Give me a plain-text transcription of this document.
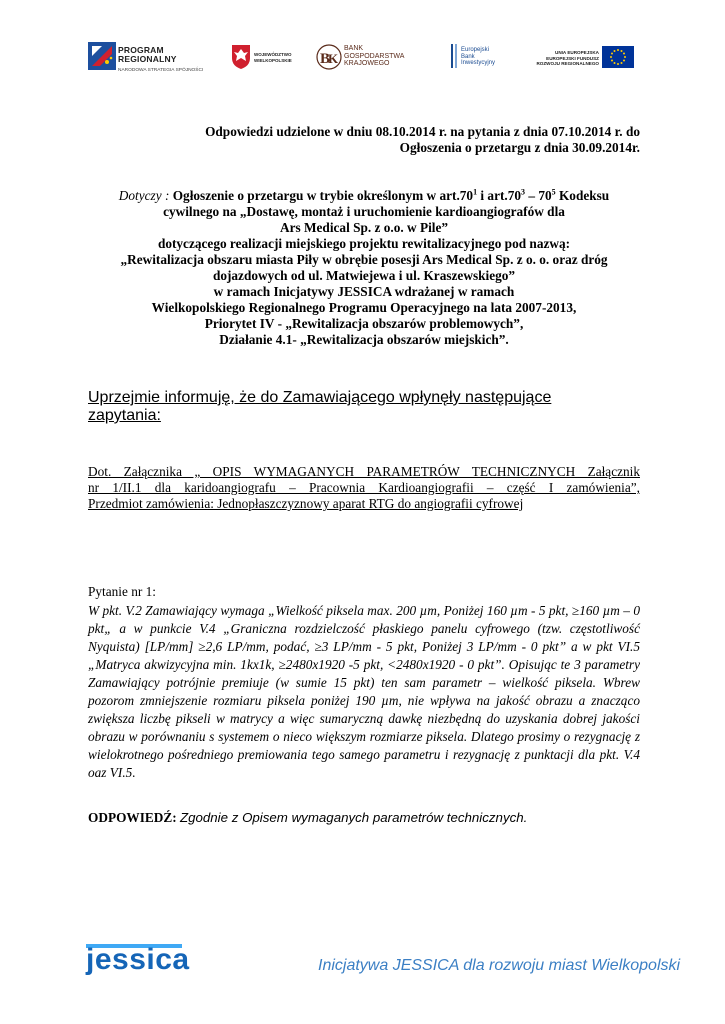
PROGRAM
REGIONALNY
NARODOWA STRATEGIA SPÓJNOŚCI
WOJEWÓDZTWO
WIELKOPOLSKIE B
K
BANK
GOSPODARSTWA
KRAJOWEGO
Europejski
Bank
Inwestycyjny
UNIA EUROPEJSKA
EUROPEJSKI FUNDUSZ
ROZWOJU REGIONALNEGO
Odpowiedzi udzielone w dniu 08.10.2014 r. na pytania z dnia 07.10.2014 r. do
Ogłoszenia o przetargu z dnia 30.09.2014r.
Dotyczy : Ogłoszenie o przetargu w trybie określonym w $art.70^1$ i $art.70^3 - 70^5$ Kodeksu
cywilnego na „Dostawę, montaż i uruchomienie kardioangiografów dla
Ars Medical Sp. z o.o. w Pile”
dotyczącego realizacji miejskiego projektu rewitalizacyjnego pod nazwą:
„Rewitalizacja obszaru miasta Piły w obrębie posesji Ars Medical Sp. z o. o. oraz dróg
dojazdowych od ul. Matwiejewa i ul. Kraszewskiego”
w ramach Inicjatywy JESSICA wdrażanej w ramach
Wielkopolskiego Regionalnego Programu Operacyjnego na lata 2007-2013,
Priorytet IV - „Rewitalizacja obszarów problemowych”,
Działanie 4.1- „Rewitalizacja obszarów miejskich”.
Uprzejmie informuję, że do Zamawiającego wpłynęły następujące
zapytania:
Dot. Załącznika „ OPIS WYMAGANYCH PARAMETRÓW TECHNICZNYCH Załącznik
nr 1/II.1 dla karidoangiografu – Pracownia Kardioangiografii – część I zamówienia”,
Przedmiot zamówienia: Jednopłaszczyznowy aparat RTG do angiografii cyfrowej
Pytanie nr 1:
W pkt. V.2 Zamawiający wymaga „Wielkość piksela max. 200 µm, Poniżej 160 µm - 5 pkt, ≥160 µm – 0 pkt„ a w punkcie V.4 „Graniczna rozdzielczość płaskiego panelu cyfrowego (tzw. częstotliwość Nyquista) [LP/mm] ≥2,6 LP/mm, podać, ≥3 LP/mm - 5 pkt, Poniżej 3 LP/mm - 0 pkt” a w pkt VI.5 „Matryca akwizycyjna min. 1kx1k, ≥2480x1920 -5 pkt, <2480x1920 - 0 pkt”. Opisując te 3 parametry Zamawiający potrójnie premiuje (w sumie 15 pkt) ten sam parametr – wielkość piksela. Wbrew pozorom zmniejszenie rozmiaru piksela poniżej 190 µm, nie wpływa na jakość obrazu a znacząco zwiększa liczbę pikseli w matrycy a więc sumaryczną dawkę niezbędną do uzyskania dobrej jakości obrazu w porównaniu s systemem o nieco większym rozmiarze piksela. Dlatego prosimy o rezygnację z wielokrotnego pośredniego premiowania tego samego parametru i rezygnację z punktacji dla pkt. V.4 oaz VI.5.
ODPOWIEDŹ: Zgodnie z Opisem wymaganych parametrów technicznych.
jessica	Inicjatywa JESSICA dla rozwoju miast Wielkopolski
